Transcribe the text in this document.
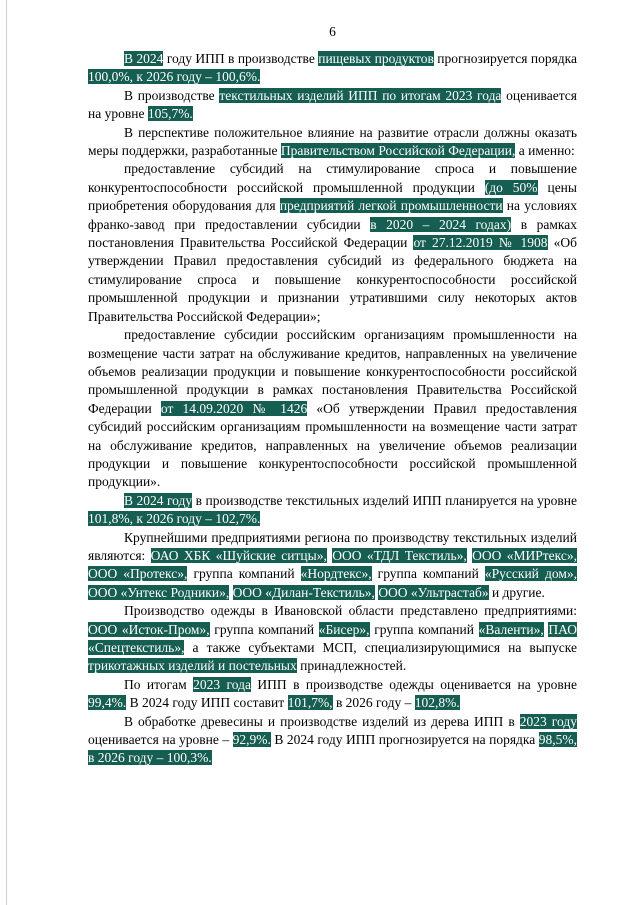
6

В 2024 году ИПП в производстве пищевых продуктов прогнозируется порядка 100,0%, к 2026 году – 100,6%.

В производстве текстильных изделий ИПП по итогам 2023 года оценивается на уровне 105,7%.

В перспективе положительное влияние на развитие отрасли должны оказать меры поддержки, разработанные Правительством Российской Федерации, а именно:

предоставление субсидий на стимулирование спроса и повышение конкурентоспособности российской промышленной продукции (до 50% цены приобретения оборудования для предприятий легкой промышленности на условиях франко-завод при предоставлении субсидии в 2020 – 2024 годах) в рамках постановления Правительства Российской Федерации от 27.12.2019 № 1908 «Об утверждении Правил предоставления субсидий из федерального бюджета на стимулирование спроса и повышение конкурентоспособности российской промышленной продукции и признании утратившими силу некоторых актов Правительства Российской Федерации»;

предоставление субсидии российским организациям промышленности на возмещение части затрат на обслуживание кредитов, направленных на увеличение объемов реализации продукции и повышение конкурентоспособности российской промышленной продукции в рамках постановления Правительства Российской Федерации от 14.09.2020 № 1426 «Об утверждении Правил предоставления субсидий российским организациям промышленности на возмещение части затрат на обслуживание кредитов, направленных на увеличение объемов реализации продукции и повышение конкурентоспособности российской промышленной продукции».

В 2024 году в производстве текстильных изделий ИПП планируется на уровне 101,8%, к 2026 году – 102,7%.

Крупнейшими предприятиями региона по производству текстильных изделий являются: ОАО ХБК «Шуйские ситцы», ООО «ТДЛ Текстиль», ООО «МИРтекс», ООО «Протекс», группа компаний «Нордтекс», группа компаний «Русский дом», ООО «Унтекс Родники», ООО «Дилан-Текстиль», ООО «Ультрастаб» и другие.

Производство одежды в Ивановской области представлено предприятиями: ООО «Исток-Пром», группа компаний «Бисер», группа компаний «Валенти», ПАО «Спецтекстиль», а также субъектами МСП, специализирующимися на выпуске трикотажных изделий и постельных принадлежностей.

По итогам 2023 года ИПП в производстве одежды оценивается на уровне 99,4%. В 2024 году ИПП составит 101,7%, в 2026 году – 102,8%.

В обработке древесины и производстве изделий из дерева ИПП в 2023 году оценивается на уровне – 92,9%. В 2024 году ИПП прогнозируется на порядка 98,5%, в 2026 году – 100,3%.
